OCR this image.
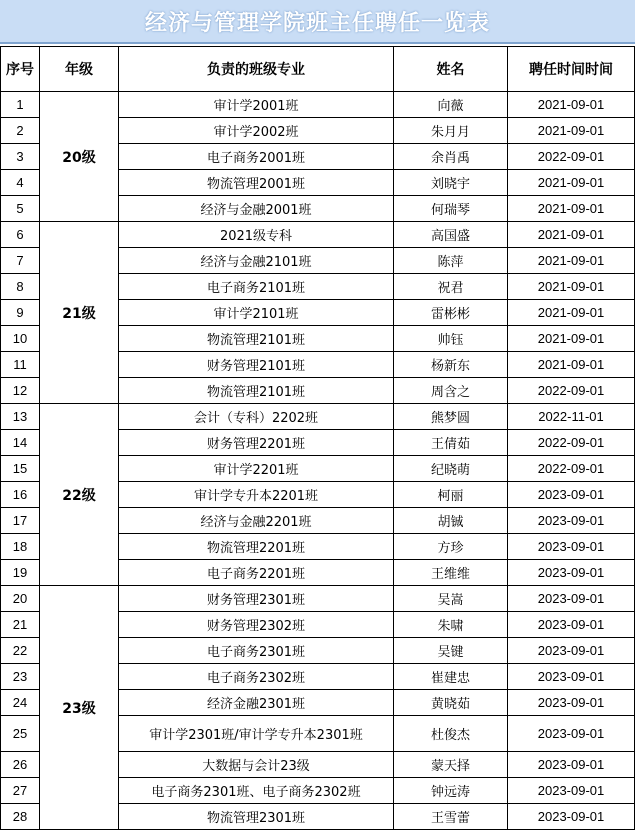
经济与管理学院班主任聘任一览表
序号	年级	负责的班级专业	姓名	聘任时间时间
1	20级	审计学2001班	向薇	2021-09-01
2		审计学2002班	朱月月	2021-09-01
3		电子商务2001班	余肖禹	2022-09-01
4		物流管理2001班	刘晓宇	2021-09-01
5		经济与金融2001班	何瑞琴	2021-09-01
6	21级	2021级专科	高国盛	2021-09-01
7		经济与金融2101班	陈萍	2021-09-01
8		电子商务2101班	祝君	2021-09-01
9		审计学2101班	雷彬彬	2021-09-01
10		物流管理2101班	帅钰	2021-09-01
11		财务管理2101班	杨新东	2021-09-01
12		物流管理2101班	周含之	2022-09-01
13	22级	会计（专科）2202班	熊梦圆	2022-11-01
14		财务管理2201班	王倩茹	2022-09-01
15		审计学2201班	纪晓萌	2022-09-01
16		审计学专升本2201班	柯丽	2023-09-01
17		经济与金融2201班	胡铖	2023-09-01
18		物流管理2201班	方珍	2023-09-01
19		电子商务2201班	王维维	2023-09-01
20	23级	财务管理2301班	吴嵩	2023-09-01
21		财务管理2302班	朱啸	2023-09-01
22		电子商务2301班	吴键	2023-09-01
23		电子商务2302班	崔建忠	2023-09-01
24		经济金融2301班	黄晓茹	2023-09-01
25		审计学2301班/审计学专升本2301班	杜俊杰	2023-09-01
26		大数据与会计23级	蒙天择	2023-09-01
27		电子商务2301班、电子商务2302班	钟远涛	2023-09-01
28		物流管理2301班	王雪蕾	2023-09-01
